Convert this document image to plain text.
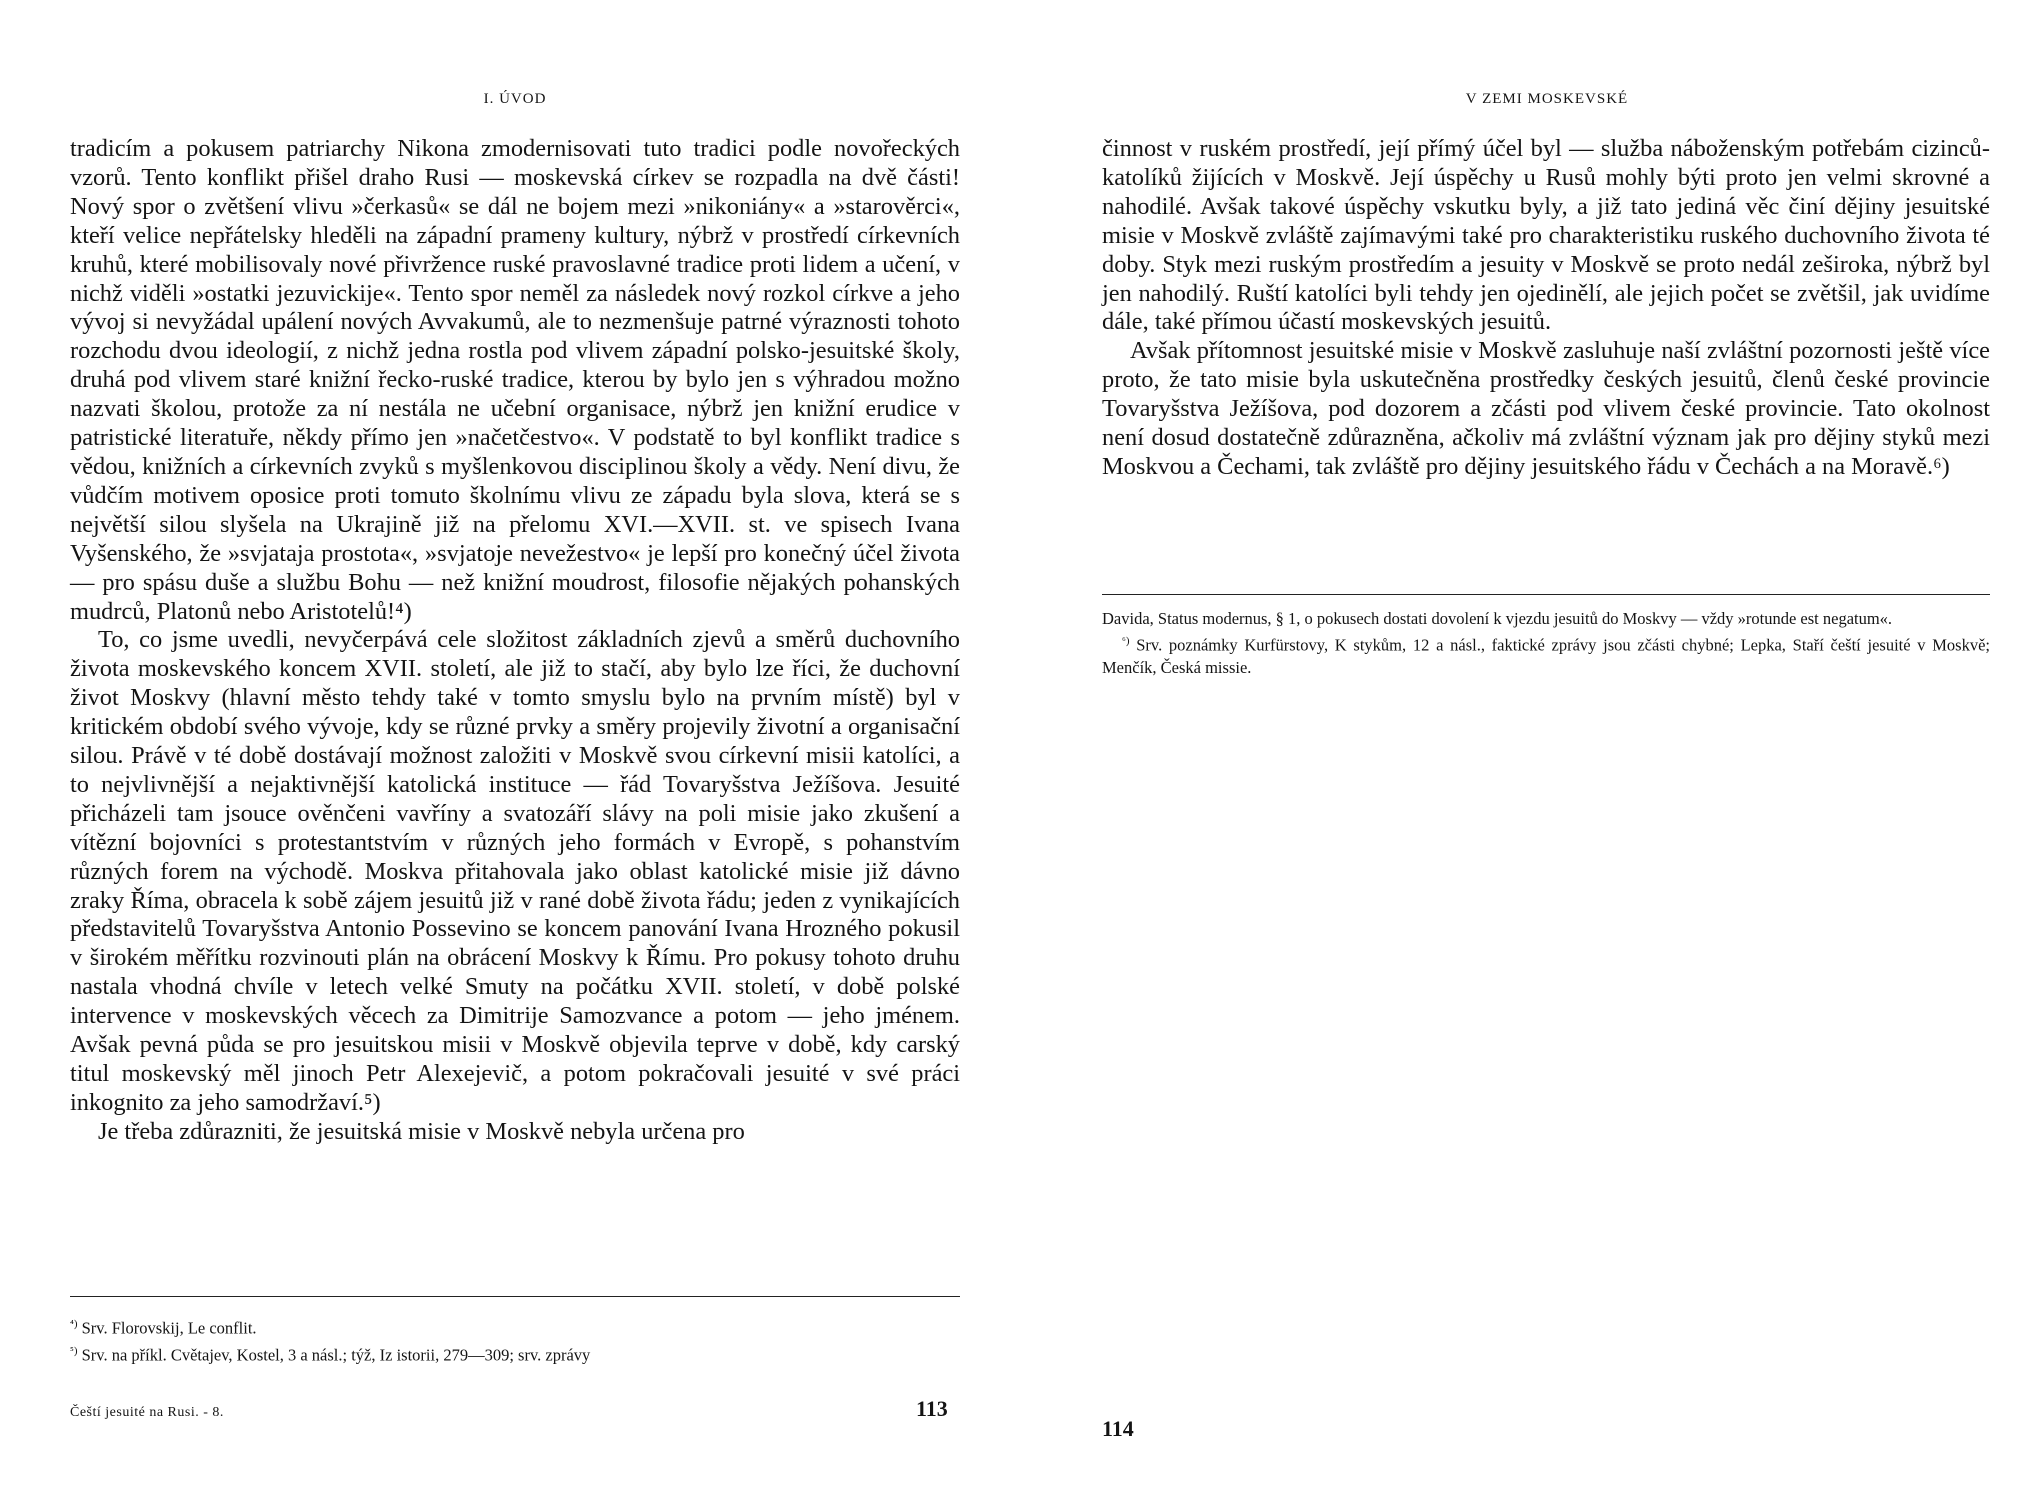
I. ÚVOD

tradicím a pokusem patriarchy Nikona zmodernisovati tuto tradici podle novořeckých vzorů. Tento konflikt přišel draho Rusi — moskevská církev se rozpadla na dvě části! Nový spor o zvětšení vlivu »čerkasů« se dál ne bojem mezi »nikoniány« a »starověrci«, kteří velice nepřátelsky hleděli na západní prameny kultury, nýbrž v prostředí církevních kruhů, které mobilisovaly nové přivržence ruské pravoslavné tradice proti lidem a učení, v nichž viděli »ostatki jezuvickije«. Tento spor neměl za následek nový rozkol církve a jeho vývoj si nevyžádal upálení nových Avvakumů, ale to nezmenšuje patrné výraznosti tohoto rozchodu dvou ideologií, z nichž jedna rostla pod vlivem západní polsko-jesuitské školy, druhá pod vlivem staré knižní řecko-ruské tradice, kterou by bylo jen s výhradou možno nazvati školou, protože za ní nestála ne učební organisace, nýbrž jen knižní erudice v patristické literatuře, někdy přímo jen »načetčestvo«. V podstatě to byl konflikt tradice s vědou, knižních a církevních zvyků s myšlenkovou disciplinou školy a vědy. Není divu, že vůdčím motivem oposice proti tomuto školnímu vlivu ze západu byla slova, která se s největší silou slyšela na Ukrajině již na přelomu XVI.—XVII. st. ve spisech Ivana Vyšenského, že »svjataja prostota«, »svjatoje nevežestvo« je lepší pro konečný účel života — pro spásu duše a službu Bohu — než knižní moudrost, filosofie nějakých pohanských mudrců, Platonů nebo Aristotelů!⁴)

To, co jsme uvedli, nevyčerpává cele složitost základních zjevů a směrů duchovního života moskevského koncem XVII. století, ale již to stačí, aby bylo lze říci, že duchovní život Moskvy (hlavní město tehdy také v tomto smyslu bylo na prvním místě) byl v kritickém období svého vývoje, kdy se různé prvky a směry projevily životní a organisační silou. Právě v té době dostávají možnost založiti v Moskvě svou církevní misii katolíci, a to nejvlivnější a nejaktivnější katolická instituce — řád Tovaryšstva Ježíšova. Jesuité přicházeli tam jsouce ověnčeni vavříny a svatozáří slávy na poli misie jako zkušení a vítězní bojovníci s protestantstvím v různých jeho formách v Evropě, s pohanstvím různých forem na východě. Moskva přitahovala jako oblast katolické misie již dávno zraky Říma, obracela k sobě zájem jesuitů již v rané době života řádu; jeden z vynikajících představitelů Tovaryšstva Antonio Possevino se koncem panování Ivana Hrozného pokusil v širokém měřítku rozvinouti plán na obrácení Moskvy k Římu. Pro pokusy tohoto druhu nastala vhodná chvíle v letech velké Smuty na počátku XVII. století, v době polské intervence v moskevských věcech za Dimitrije Samozvance a potom — jeho jménem. Avšak pevná půda se pro jesuitskou misii v Moskvě objevila teprve v době, kdy carský titul moskevský měl jinoch Petr Alexejevič, a potom pokračovali jesuité v své práci inkognito za jeho samodržaví.⁵)

Je třeba zdůrazniti, že jesuitská misie v Moskvě nebyla určena pro

$^{^4)}$ Srv. Florovskij, Le conflit.

$^{^5)}$ Srv. na příkl. Cvětajev, Kostel, 3 a násl.; týž, Iz istorii, 279—309; srv. zprávy

Čeští jesuité na Rusi. - 8.	113
V ZEMI MOSKEVSKÉ

činnost v ruském prostředí, její přímý účel byl — služba náboženským potřebám cizinců-katolíků žijících v Moskvě. Její úspěchy u Rusů mohly býti proto jen velmi skrovné a nahodilé. Avšak takové úspěchy vskutku byly, a již tato jediná věc činí dějiny jesuitské misie v Moskvě zvláště zajímavými také pro charakteristiku ruského duchovního života té doby. Styk mezi ruským prostředím a jesuity v Moskvě se proto nedál zeširoka, nýbrž byl jen nahodilý. Ruští katolíci byli tehdy jen ojedinělí, ale jejich počet se zvětšil, jak uvidíme dále, také přímou účastí moskevských jesuitů.

Avšak přítomnost jesuitské misie v Moskvě zasluhuje naší zvláštní pozornosti ještě více proto, že tato misie byla uskutečněna prostředky českých jesuitů, členů české provincie Tovaryšstva Ježíšova, pod dozorem a zčásti pod vlivem české provincie. Tato okolnost není dosud dostatečně zdůrazněna, ačkoliv má zvláštní význam jak pro dějiny styků mezi Moskvou a Čechami, tak zvláště pro dějiny jesuitského řádu v Čechách a na Moravě.⁶)

Davida, Status modernus, § 1, o pokusech dostati dovolení k vjezdu jesuitů do Moskvy — vždy »rotunde est negatum«.

$^{^6)}$ Srv. poznámky Kurfürstovy, K stykům, 12 a násl., faktické zprávy jsou zčásti chybné; Lepka, Staří čeští jesuité v Moskvě; Menčík, Česká missie.

114
